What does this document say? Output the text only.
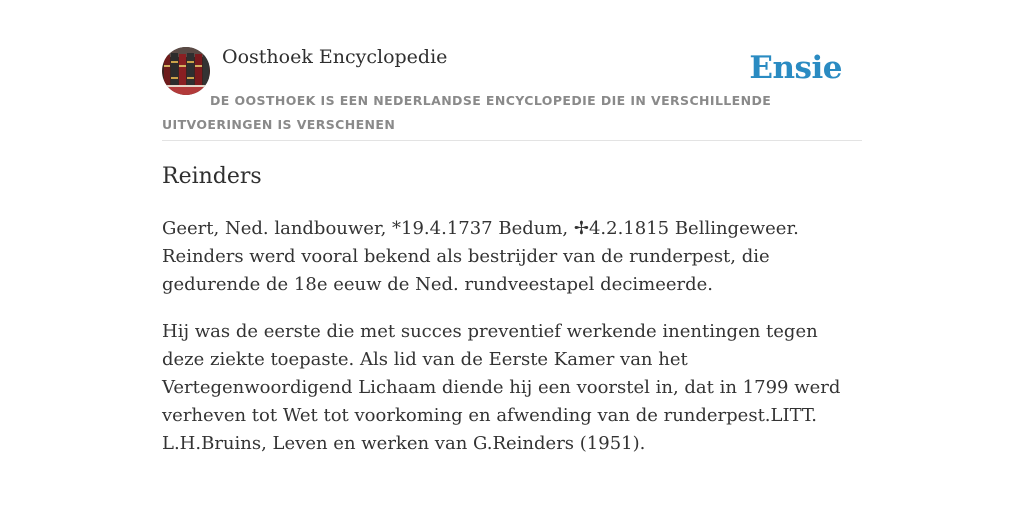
Oosthoek Encyclopedie	Ensie
DE OOSTHOEK IS EEN NEDERLANDSE ENCYCLOPEDIE DIE IN VERSCHILLENDE UITVOERINGEN IS VERSCHENEN
Reinders

Geert, Ned. landbouwer, *19.4.1737 Bedum, ✢4.2.1815 Bellingeweer. Reinders werd vooral bekend als bestrijder van de runderpest, die gedurende de 18e eeuw de Ned. rundveestapel decimeerde.

Hij was de eerste die met succes preventief werkende inentingen tegen deze ziekte toepaste. Als lid van de Eerste Kamer van het Vertegenwoordigend Lichaam diende hij een voorstel in, dat in 1799 werd verheven tot Wet tot voorkoming en afwending van de runderpest.LITT. L.H.Bruins, Leven en werken van G.Reinders (1951).
